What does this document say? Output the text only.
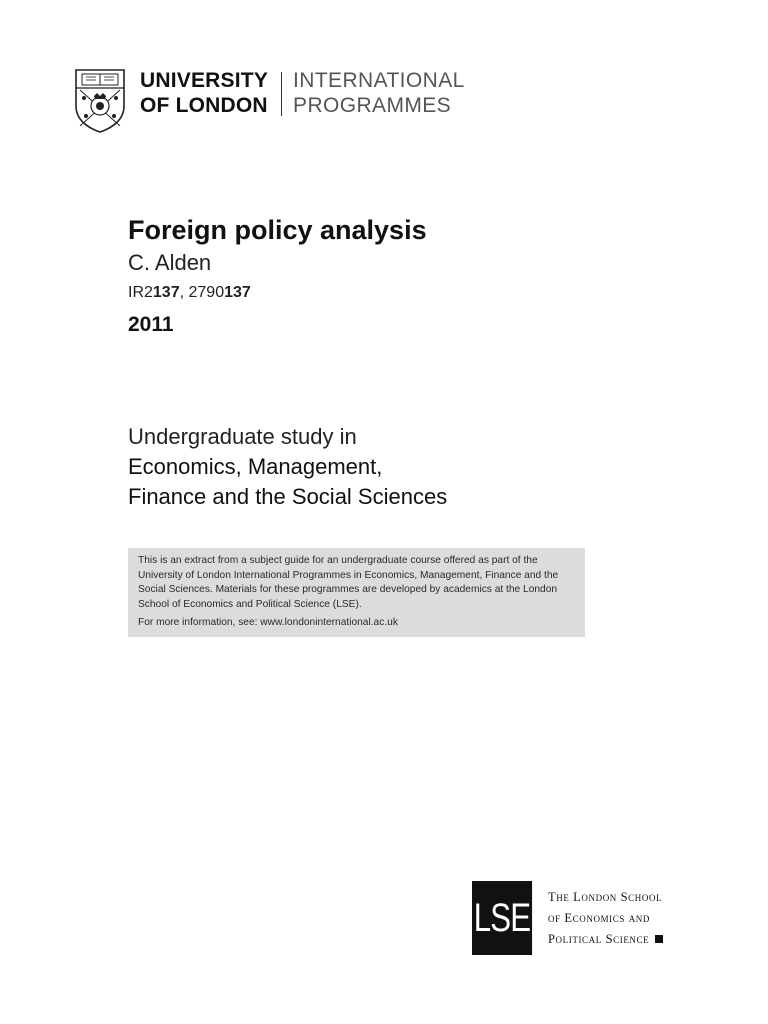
UNIVERSITY
OF LONDON
INTERNATIONAL
PROGRAMMES
Foreign policy analysis
C. Alden
IR2137, 2790137
2011
Undergraduate study in
Economics, Management,
Finance and the Social Sciences
This is an extract from a subject guide for an undergraduate course offered as part of the University of London International Programmes in Economics, Management, Finance and the Social Sciences. Materials for these programmes are developed by academics at the London School of Economics and Political Science (LSE).
For more information, see: www.londoninternational.ac.uk
LSE The London School
of Economics and
Political Science
